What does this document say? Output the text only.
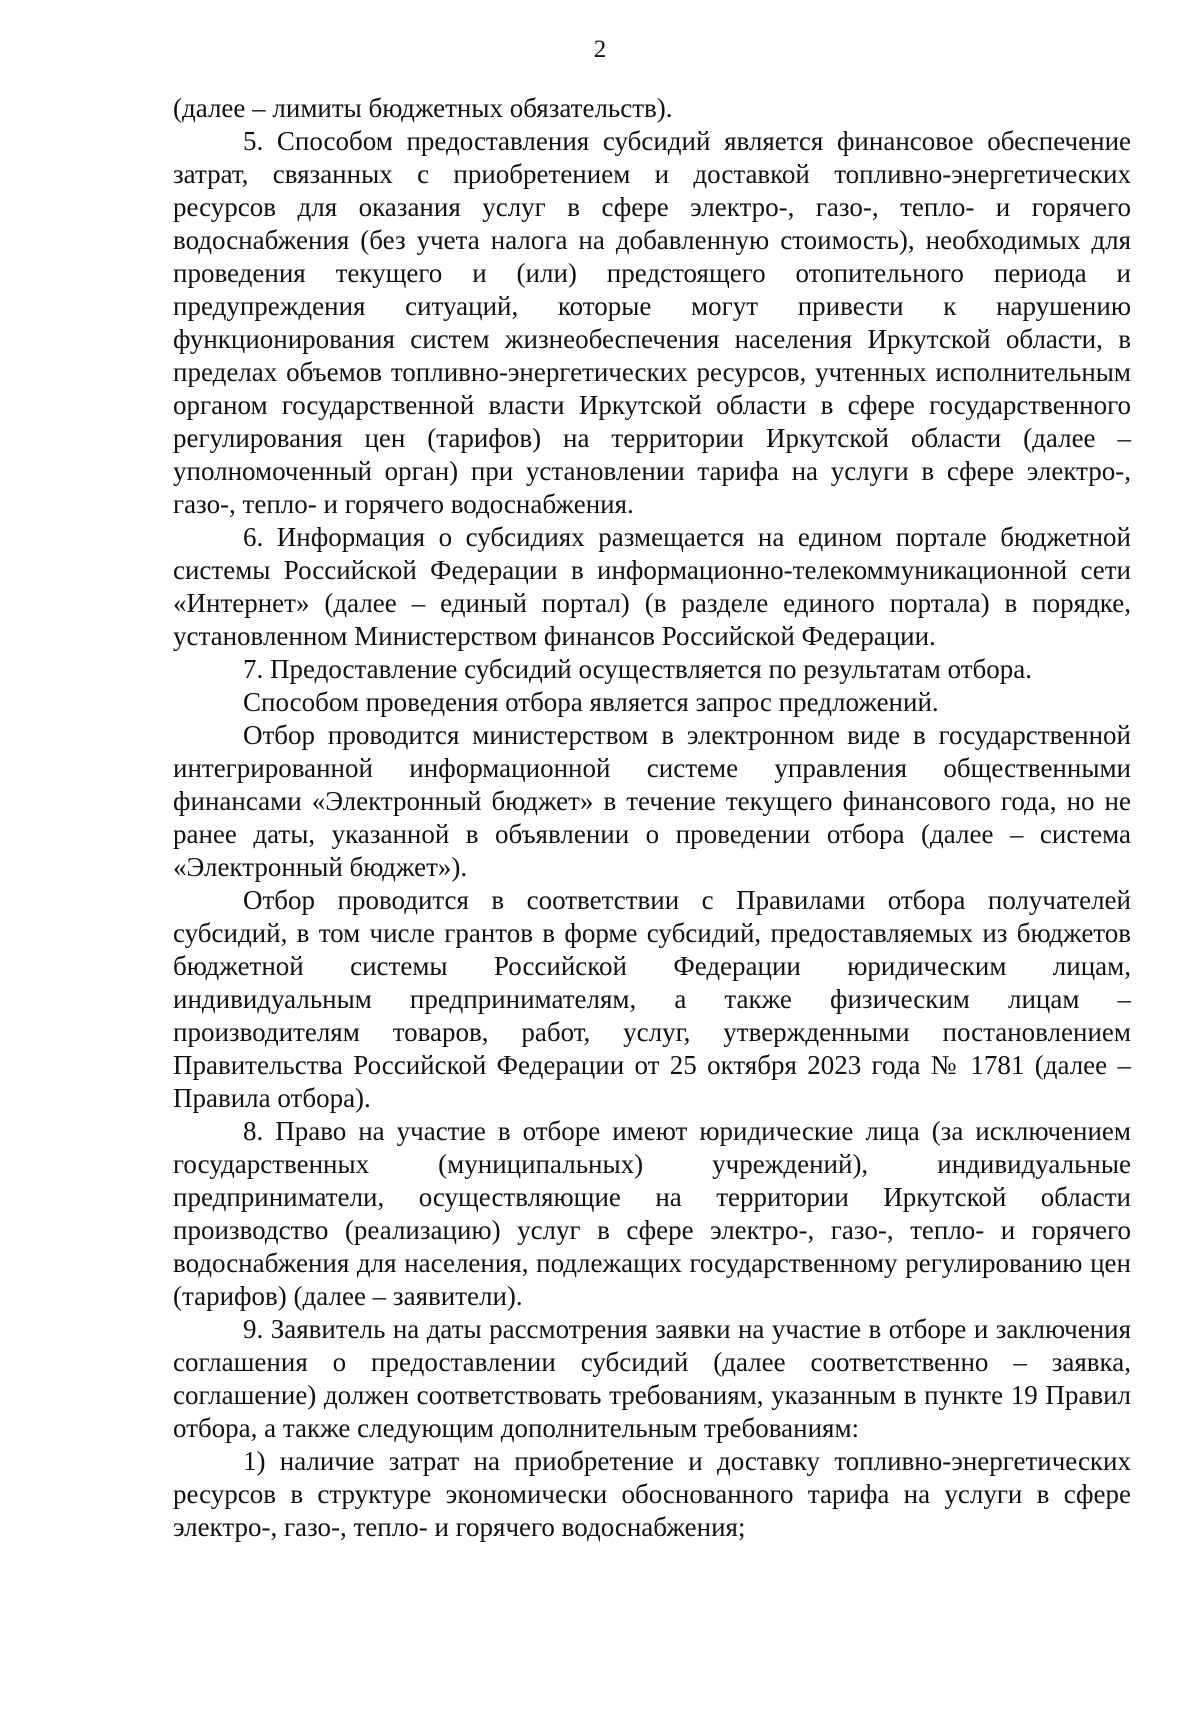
2

(далее – лимиты бюджетных обязательств).

5. Способом предоставления субсидий является финансовое обеспечение затрат, связанных с приобретением и доставкой топливно-энергетических ресурсов для оказания услуг в сфере электро-, газо-, тепло- и горячего водоснабжения (без учета налога на добавленную стоимость), необходимых для проведения текущего и (или) предстоящего отопительного периода и предупреждения ситуаций, которые могут привести к нарушению функционирования систем жизнеобеспечения населения Иркутской области, в пределах объемов топливно-энергетических ресурсов, учтенных исполнительным органом государственной власти Иркутской области в сфере государственного регулирования цен (тарифов) на территории Иркутской области (далее – уполномоченный орган) при установлении тарифа на услуги в сфере электро-, газо-, тепло- и горячего водоснабжения.

6. Информация о субсидиях размещается на едином портале бюджетной системы Российской Федерации в информационно-телекоммуникационной сети «Интернет» (далее – единый портал) (в разделе единого портала) в порядке, установленном Министерством финансов Российской Федерации.

7. Предоставление субсидий осуществляется по результатам отбора.

Способом проведения отбора является запрос предложений.

Отбор проводится министерством в электронном виде в государственной интегрированной информационной системе управления общественными финансами «Электронный бюджет» в течение текущего финансового года, но не ранее даты, указанной в объявлении о проведении отбора (далее – система «Электронный бюджет»).

Отбор проводится в соответствии с Правилами отбора получателей субсидий, в том числе грантов в форме субсидий, предоставляемых из бюджетов бюджетной системы Российской Федерации юридическим лицам, индивидуальным предпринимателям, а также физическим лицам – производителям товаров, работ, услуг, утвержденными постановлением Правительства Российской Федерации от 25 октября 2023 года № 1781 (далее – Правила отбора).

8. Право на участие в отборе имеют юридические лица (за исключением государственных (муниципальных) учреждений), индивидуальные предприниматели, осуществляющие на территории Иркутской области производство (реализацию) услуг в сфере электро-, газо-, тепло- и горячего водоснабжения для населения, подлежащих государственному регулированию цен (тарифов) (далее – заявители).

9. Заявитель на даты рассмотрения заявки на участие в отборе и заключения соглашения о предоставлении субсидий (далее соответственно – заявка, соглашение) должен соответствовать требованиям, указанным в пункте 19 Правил отбора, а также следующим дополнительным требованиям:

1) наличие затрат на приобретение и доставку топливно-энергетических ресурсов в структуре экономически обоснованного тарифа на услуги в сфере электро-, газо-, тепло- и горячего водоснабжения;
